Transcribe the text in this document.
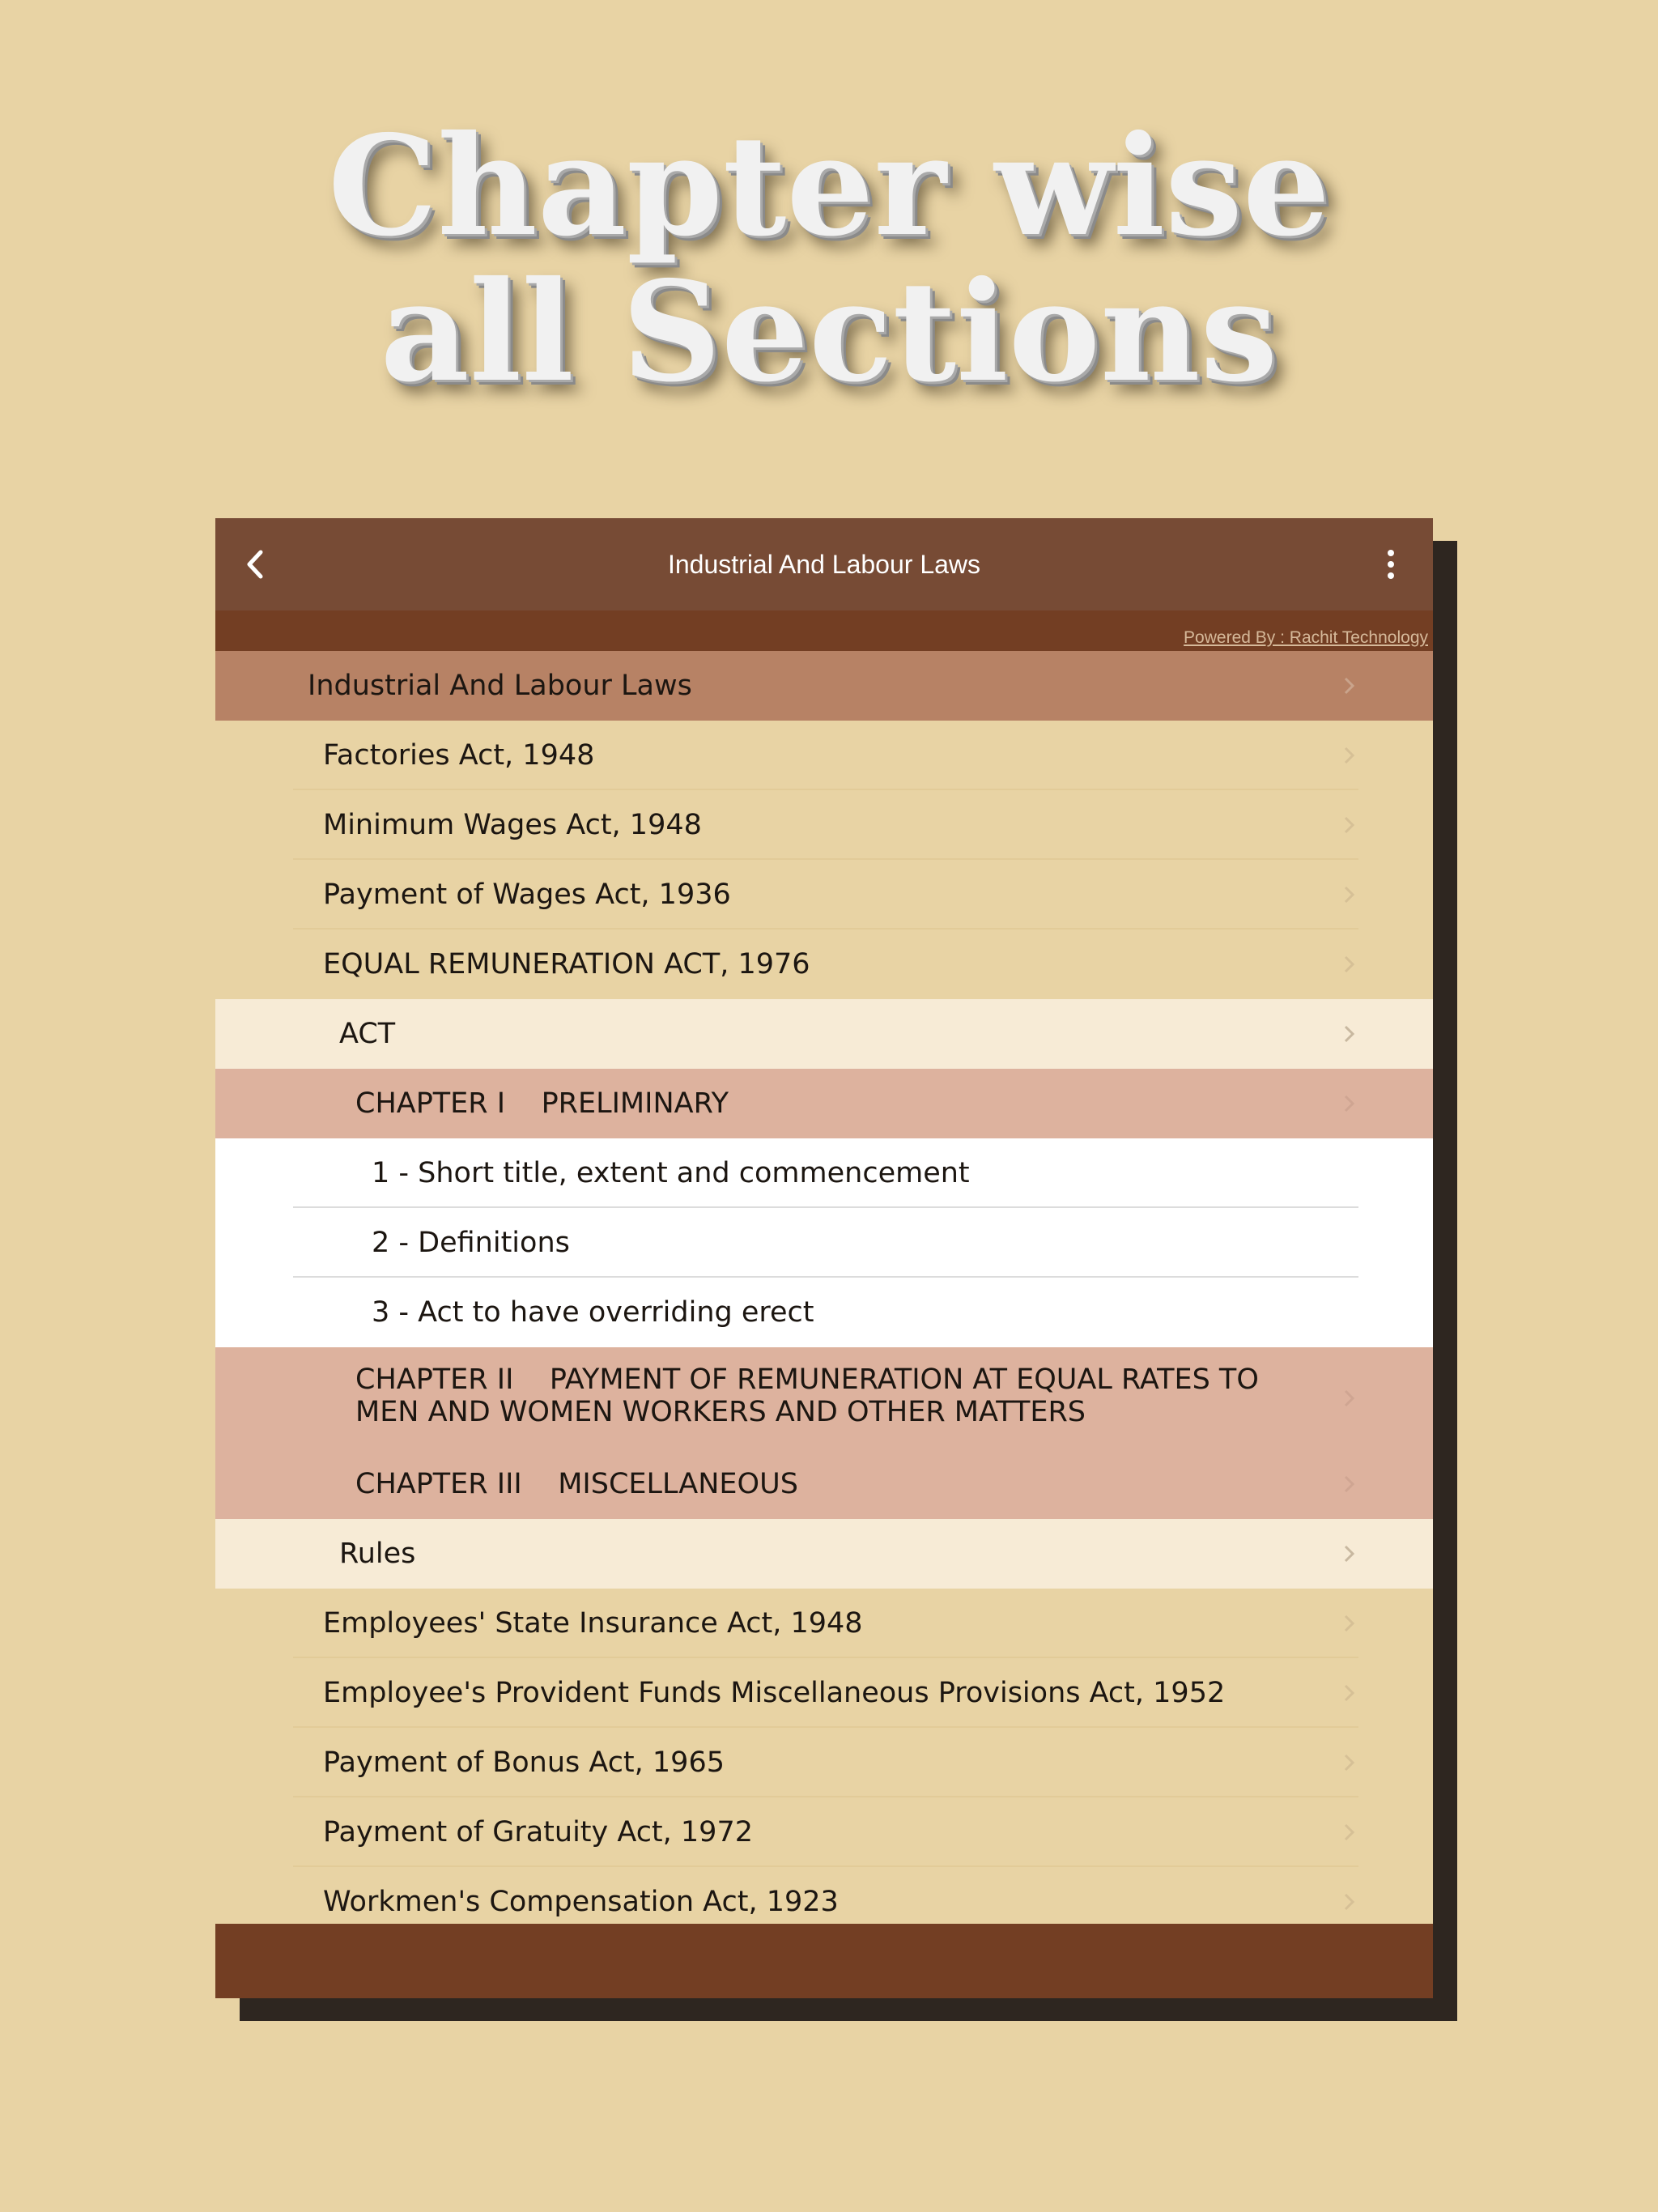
Chapter wise
all Sections
Industrial And Labour Laws
Powered By : Rachit Technology
Industrial And Labour Laws
Factories Act, 1948
Minimum Wages Act, 1948
Payment of Wages Act, 1936
EQUAL REMUNERATION ACT, 1976
ACT
CHAPTER I    PRELIMINARY
1 - Short title, extent and commencement
2 - Definitions
3 - Act to have overriding erect
CHAPTER II    PAYMENT OF REMUNERATION AT EQUAL RATES TO MEN AND WOMEN WORKERS AND OTHER MATTERS
CHAPTER III    MISCELLANEOUS
Rules
Employees' State Insurance Act, 1948
Employee's Provident Funds Miscellaneous Provisions Act, 1952
Payment of Bonus Act, 1965
Payment of Gratuity Act, 1972
Workmen's Compensation Act, 1923
